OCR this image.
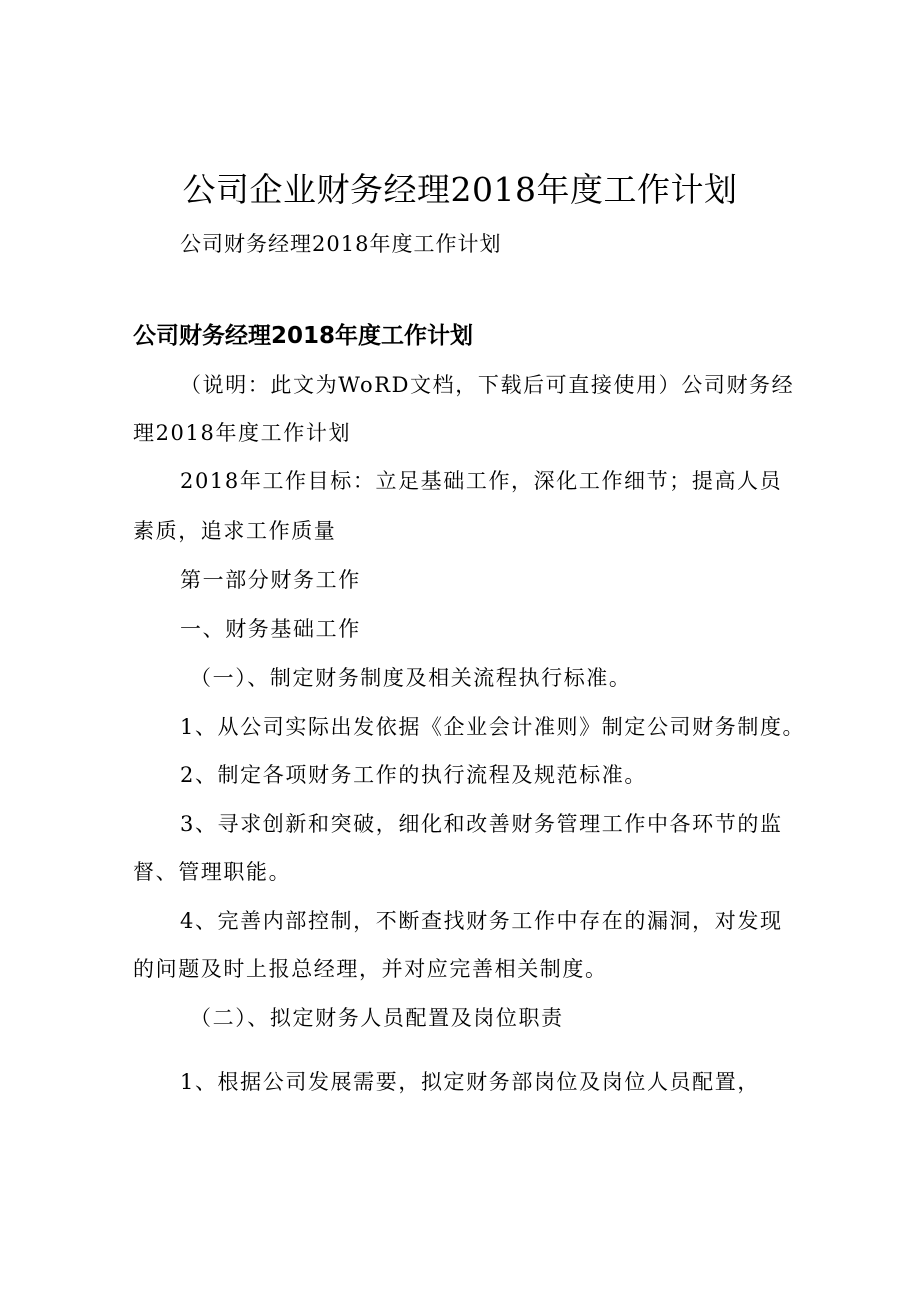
公司企业财务经理2018年度工作计划
公司财务经理2018年度工作计划
公司财务经理2018年度工作计划
（说明：此文为WoRD文档，下载后可直接使用）公司财务经
理2018年度工作计划
2018年工作目标：立足基础工作，深化工作细节；提高人员
素质，追求工作质量
第一部分财务工作
一、财务基础工作
（一）、制定财务制度及相关流程执行标准。
1、从公司实际出发依据《企业会计准则》制定公司财务制度。
2、制定各项财务工作的执行流程及规范标准。
3、寻求创新和突破，细化和改善财务管理工作中各环节的监
督、管理职能。
4、完善内部控制，不断查找财务工作中存在的漏洞，对发现
的问题及时上报总经理，并对应完善相关制度。
（二）、拟定财务人员配置及岗位职责
1、根据公司发展需要，拟定财务部岗位及岗位人员配置，
